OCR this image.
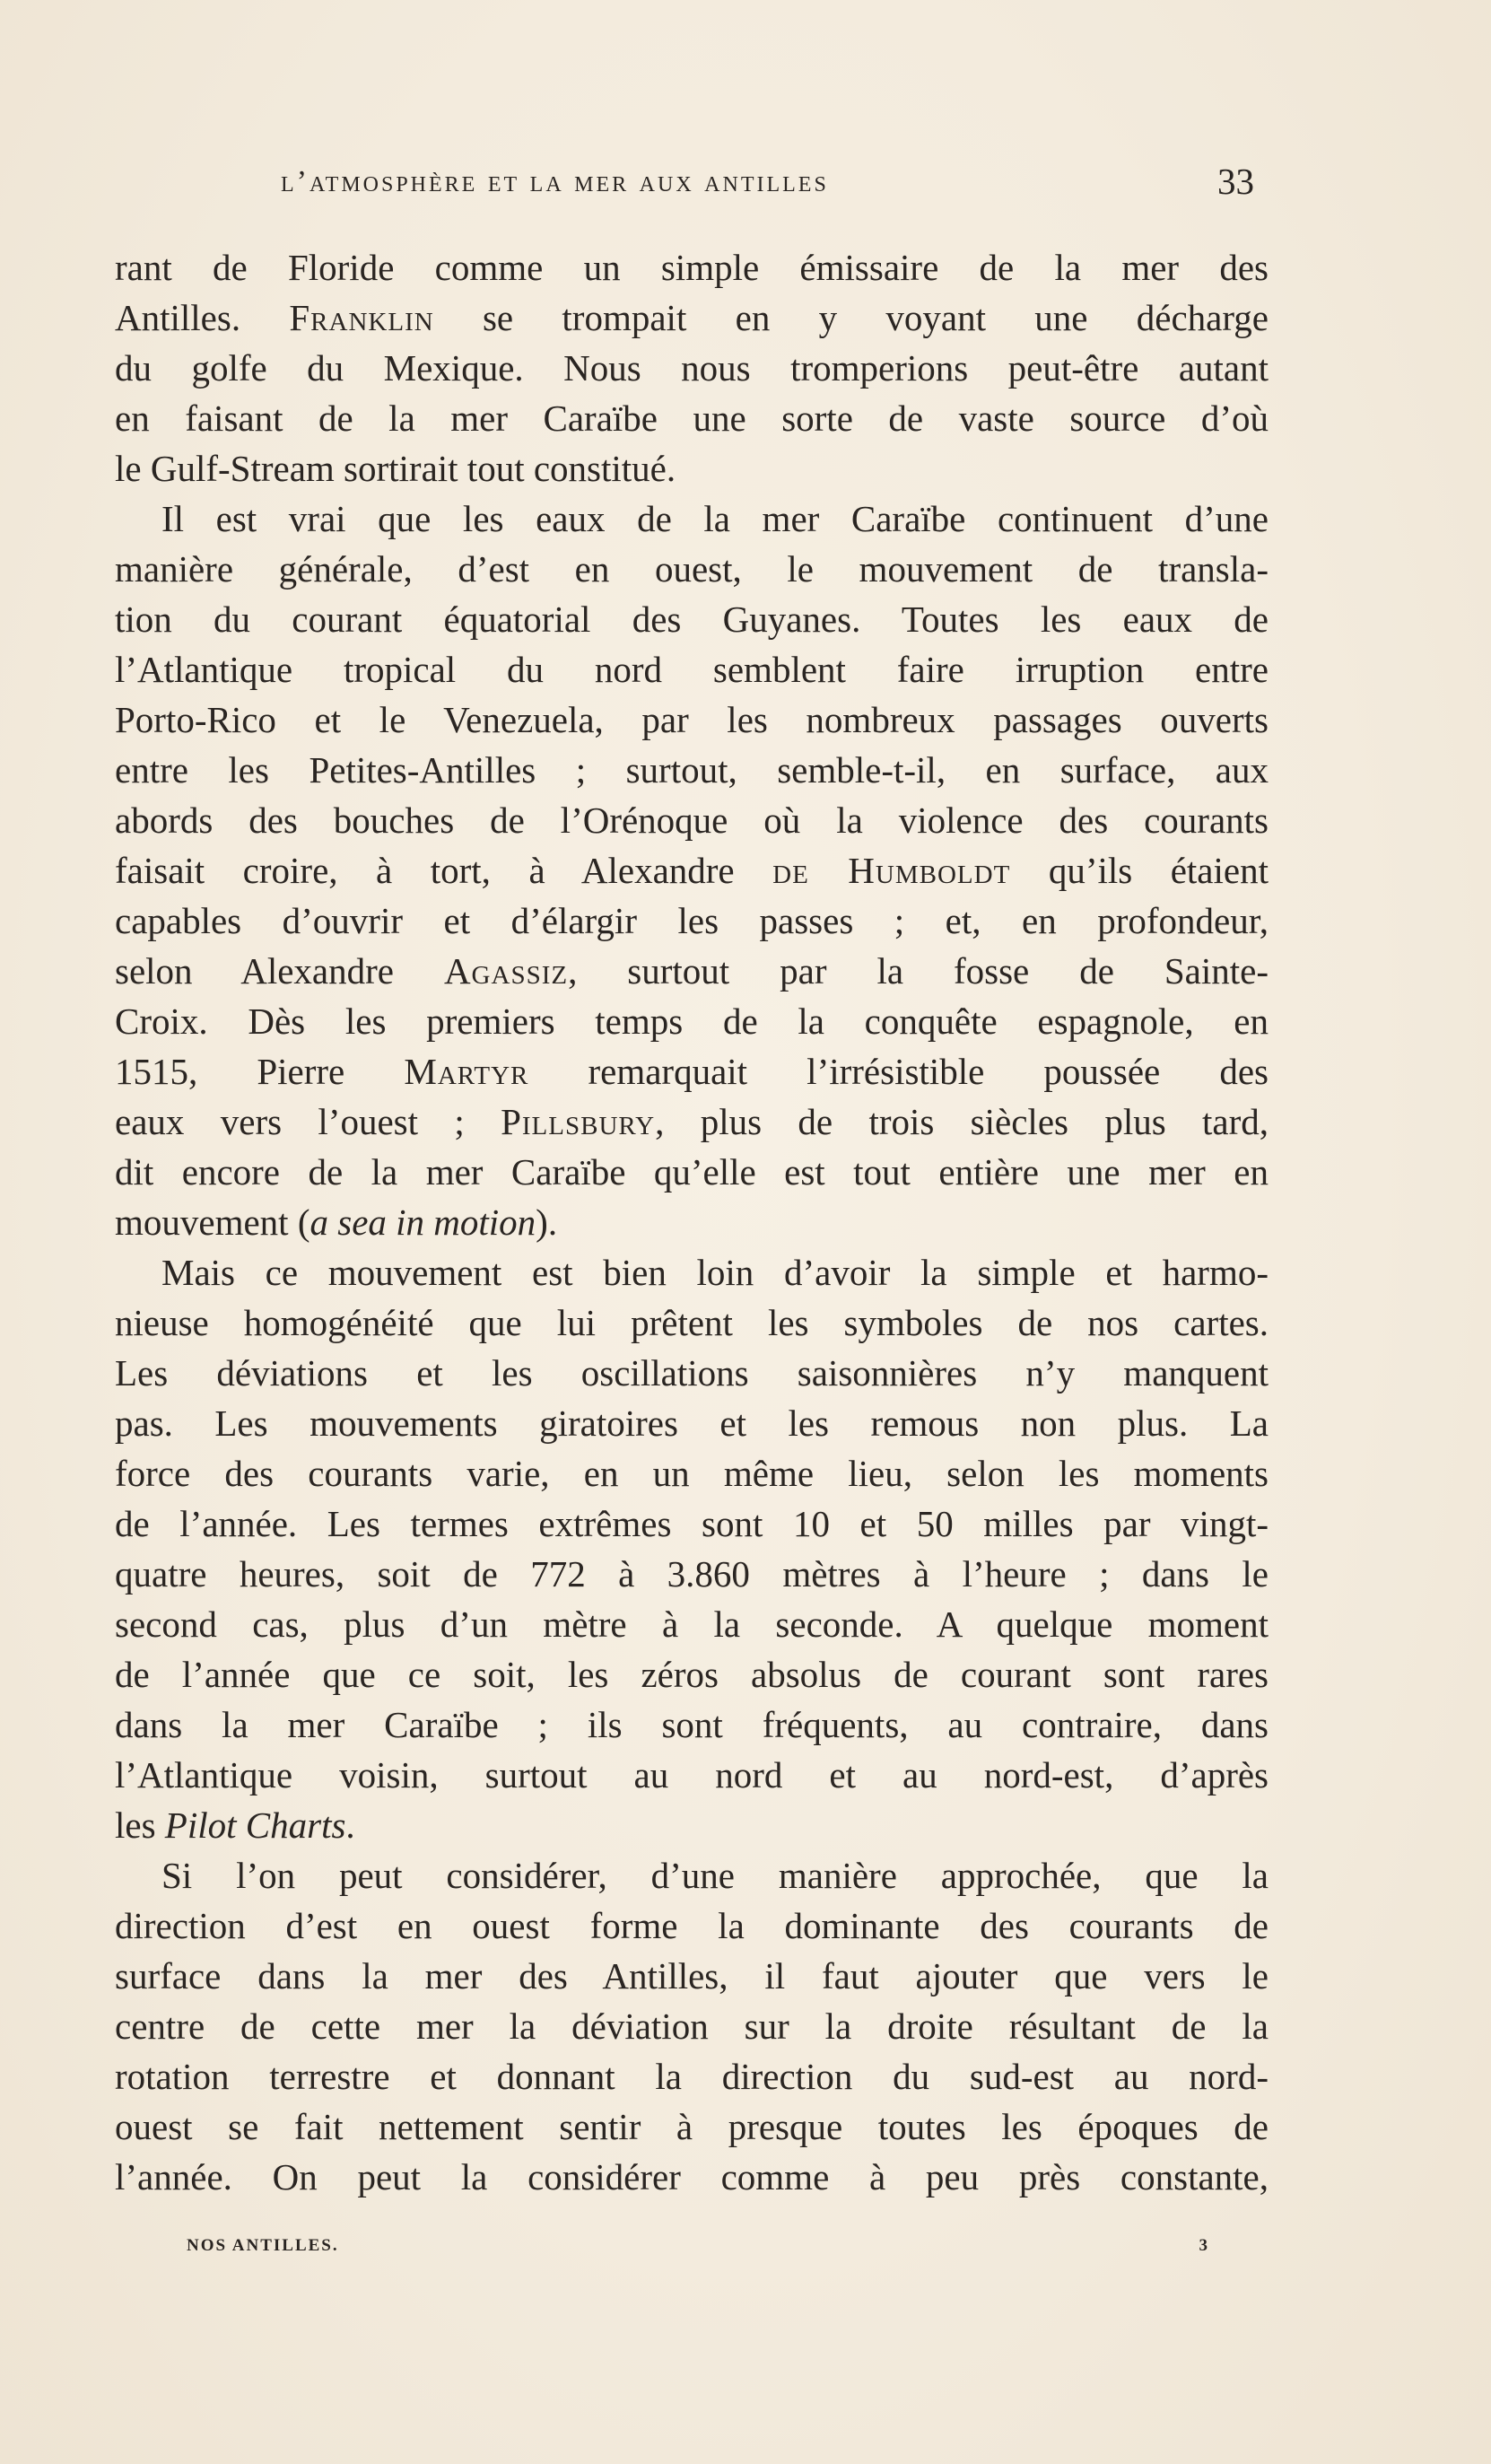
l’atmosphère et la mer aux antilles	33
rant de Floride comme un simple émissaire de la mer des
Antilles. Franklin se trompait en y voyant une décharge
du golfe du Mexique. Nous nous tromperions peut-être autant
en faisant de la mer Caraïbe une sorte de vaste source d’où
le Gulf-Stream sortirait tout constitué.
Il est vrai que les eaux de la mer Caraïbe continuent d’une
manière générale, d’est en ouest, le mouvement de transla-
tion du courant équatorial des Guyanes. Toutes les eaux de
l’Atlantique tropical du nord semblent faire irruption entre
Porto-Rico et le Venezuela, par les nombreux passages ouverts
entre les Petites-Antilles ; surtout, semble-t-il, en surface, aux
abords des bouches de l’Orénoque où la violence des courants
faisait croire, à tort, à Alexandre de Humboldt qu’ils étaient
capables d’ouvrir et d’élargir les passes ; et, en profondeur,
selon Alexandre Agassiz, surtout par la fosse de Sainte-
Croix. Dès les premiers temps de la conquête espagnole, en
1515, Pierre Martyr remarquait l’irrésistible poussée des
eaux vers l’ouest ; Pillsbury, plus de trois siècles plus tard,
dit encore de la mer Caraïbe qu’elle est tout entière une mer en
mouvement (a sea in motion).
Mais ce mouvement est bien loin d’avoir la simple et harmo-
nieuse homogénéité que lui prêtent les symboles de nos cartes.
Les déviations et les oscillations saisonnières n’y manquent
pas. Les mouvements giratoires et les remous non plus. La
force des courants varie, en un même lieu, selon les moments
de l’année. Les termes extrêmes sont 10 et 50 milles par vingt-
quatre heures, soit de 772 à 3.860 mètres à l’heure ; dans le
second cas, plus d’un mètre à la seconde. A quelque moment
de l’année que ce soit, les zéros absolus de courant sont rares
dans la mer Caraïbe ; ils sont fréquents, au contraire, dans
l’Atlantique voisin, surtout au nord et au nord-est, d’après
les Pilot Charts.
Si l’on peut considérer, d’une manière approchée, que la
direction d’est en ouest forme la dominante des courants de
surface dans la mer des Antilles, il faut ajouter que vers le
centre de cette mer la déviation sur la droite résultant de la
rotation terrestre et donnant la direction du sud-est au nord-
ouest se fait nettement sentir à presque toutes les époques de
l’année. On peut la considérer comme à peu près constante,
NOS ANTILLES.	3
